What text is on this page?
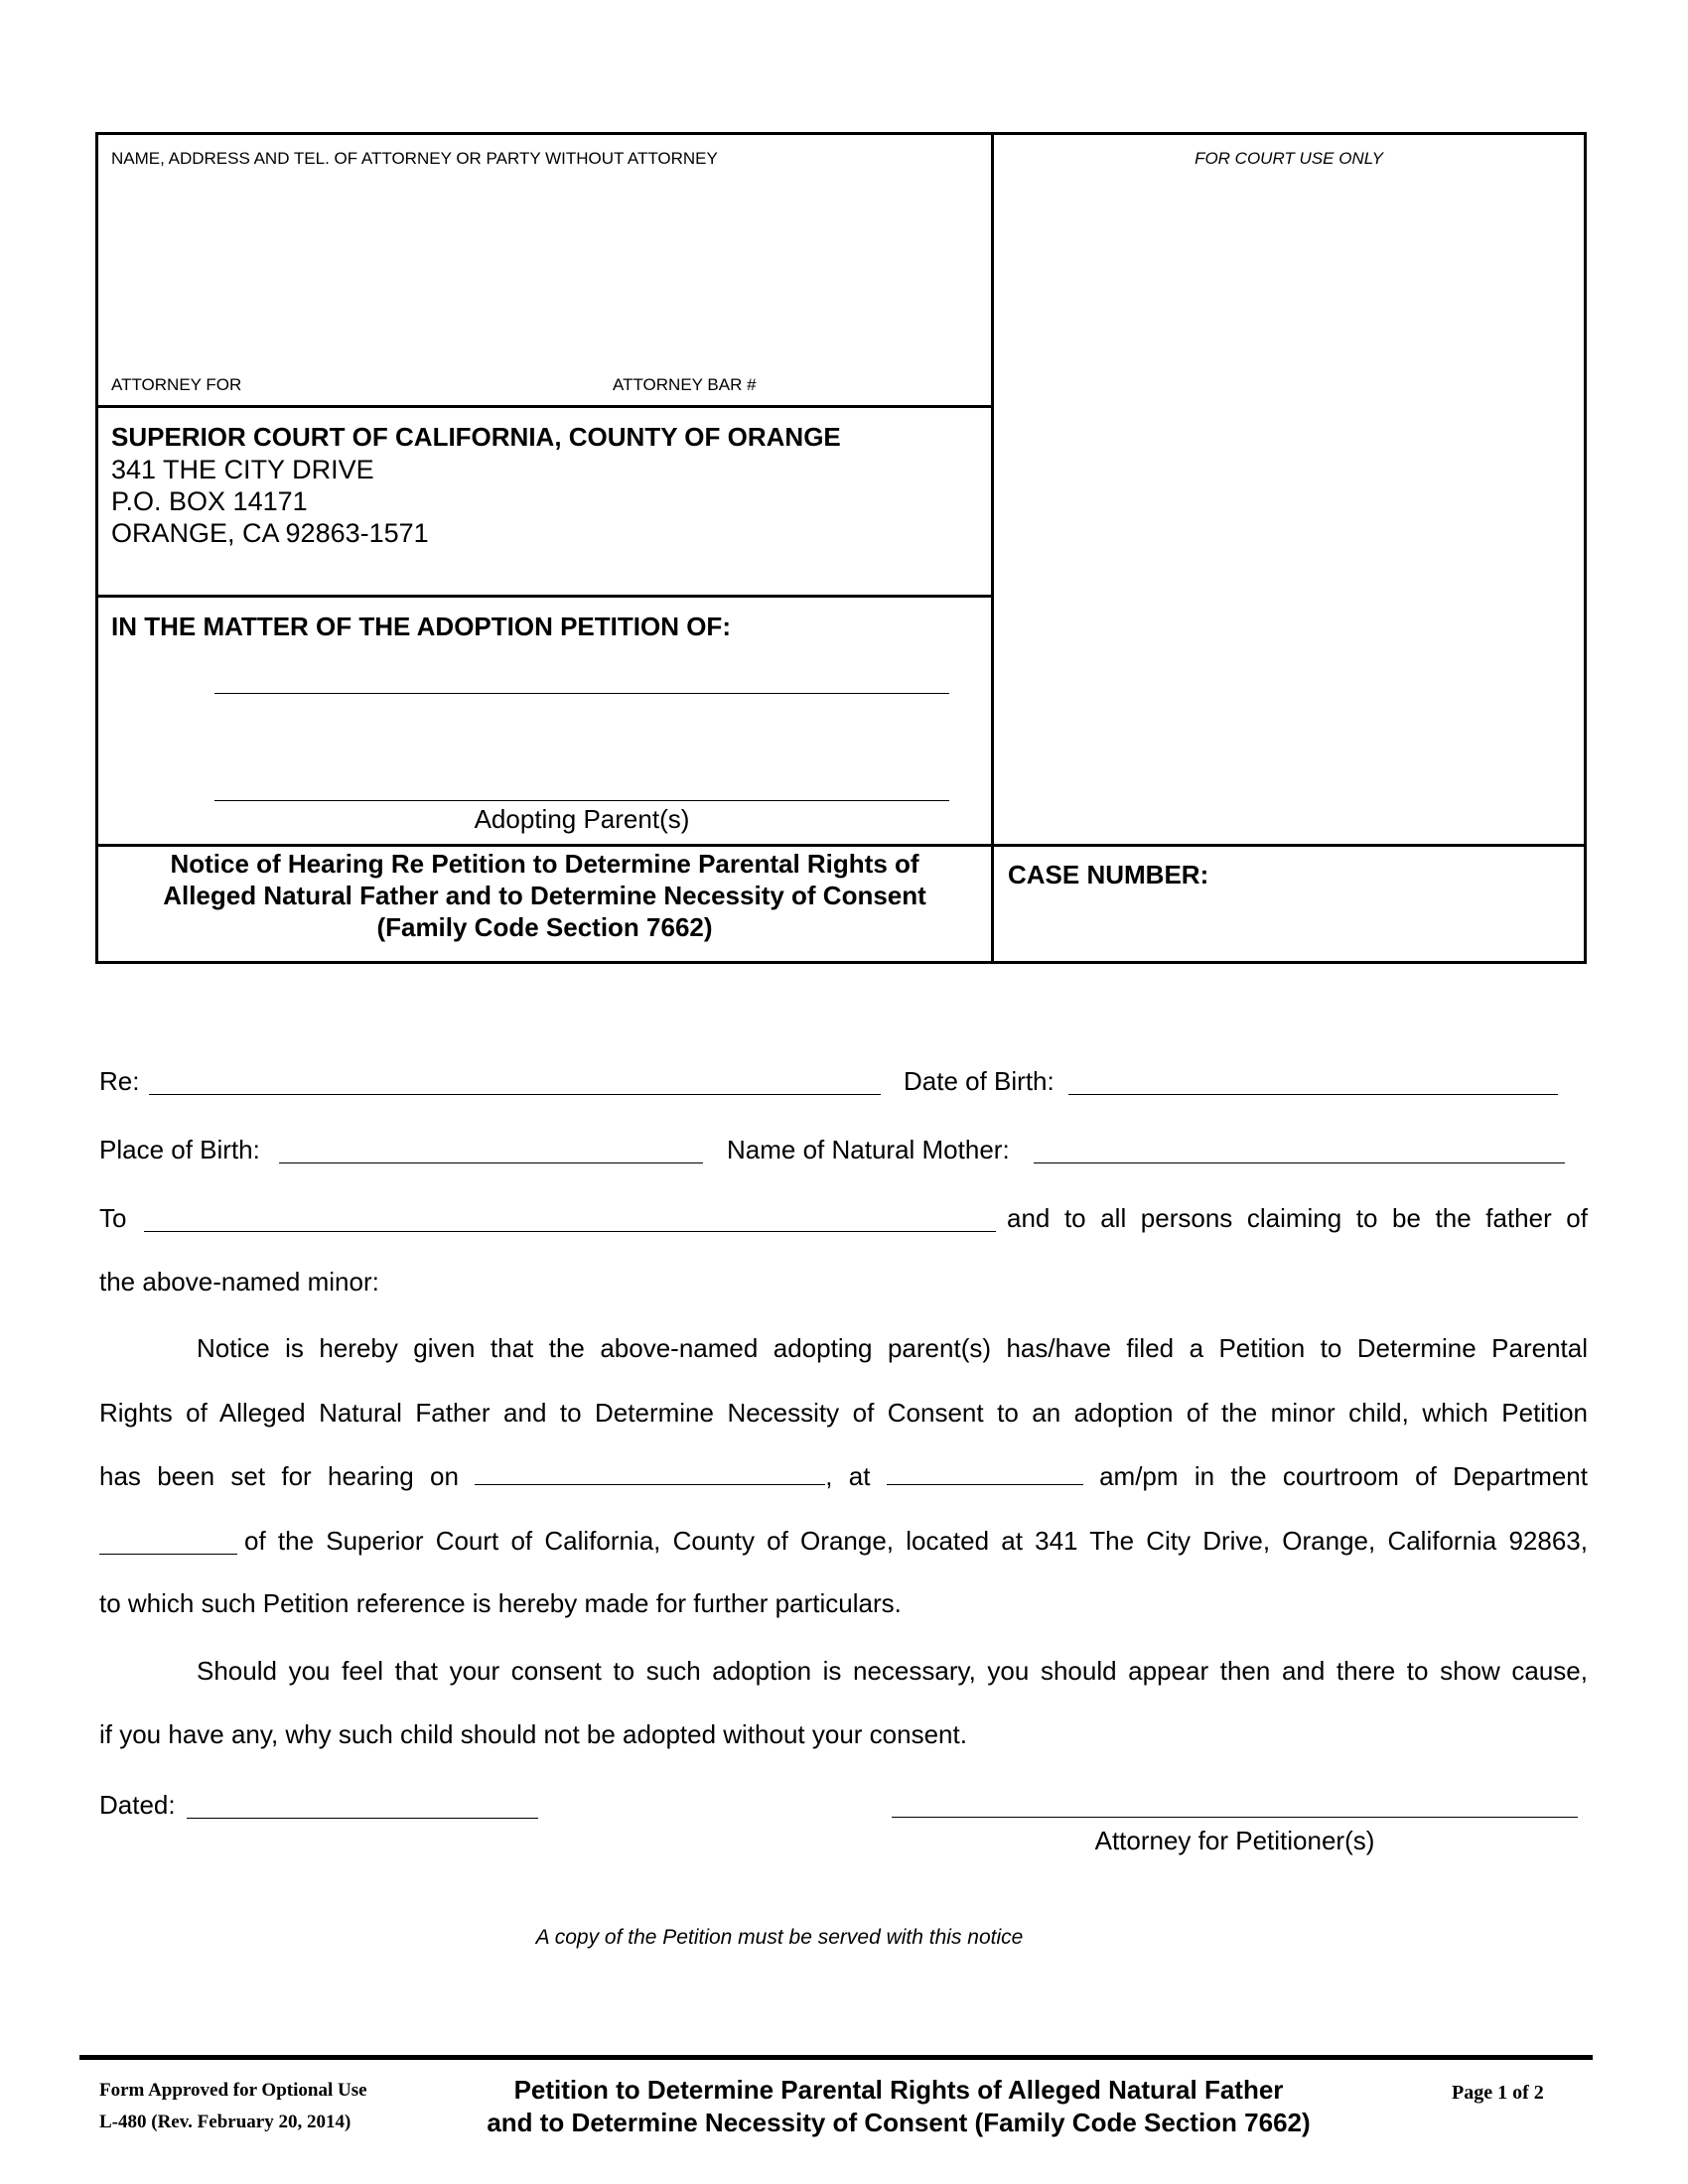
NAME, ADDRESS AND TEL. OF ATTORNEY OR PARTY WITHOUT ATTORNEY	FOR COURT USE ONLY
ATTORNEY FOR	ATTORNEY BAR #
SUPERIOR COURT OF CALIFORNIA, COUNTY OF ORANGE
341 THE CITY DRIVE
P.O. BOX 14171
ORANGE, CA 92863-1571
IN THE MATTER OF THE ADOPTION PETITION OF:
Adopting Parent(s)
Notice of Hearing Re Petition to Determine Parental Rights of
Alleged Natural Father and to Determine Necessity of Consent
(Family Code Section 7662)
CASE NUMBER:
Re:	Date of Birth:
Place of Birth:	Name of Natural Mother:
To	and to all persons claiming to be the father of
the above-named minor:
Notice is hereby given that the above-named adopting parent(s) has/have filed a Petition to Determine Parental
Rights of Alleged Natural Father and to Determine Necessity of Consent to an adoption of the minor child, which Petition
has been set for hearing on	, at	am/pm in the courtroom of Department
of the Superior Court of California, County of Orange, located at 341 The City Drive, Orange, California 92863,
to which such Petition reference is hereby made for further particulars.
Should you feel that your consent to such adoption is necessary, you should appear then and there to show cause,
if you have any, why such child should not be adopted without your consent.
Dated:
Attorney for Petitioner(s)
A copy of the Petition must be served with this notice
Form Approved for Optional Use
L-480 (Rev. February 20, 2014)
Petition to Determine Parental Rights of Alleged Natural Father
and to Determine Necessity of Consent (Family Code Section 7662)
Page 1 of 2
